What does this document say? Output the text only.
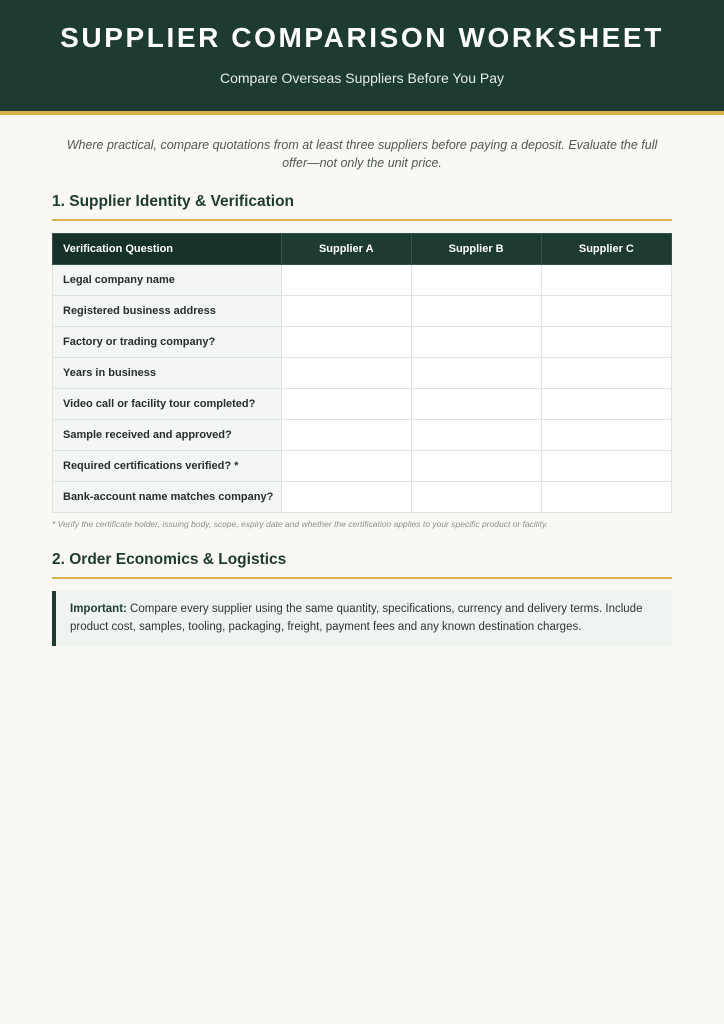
SUPPLIER COMPARISON WORKSHEET
Compare Overseas Suppliers Before You Pay

Where practical, compare quotations from at least three suppliers before paying a deposit. Evaluate the full offer—not only the unit price.

1. Supplier Identity & Verification
Verification Question	Supplier A	Supplier B	Supplier C
Legal company name			
Registered business address			
Factory or trading company?			
Years in business			
Video call or facility tour completed?			
Sample received and approved?			
Required certifications verified? *			
Bank-account name matches company?			

* Verify the certificate holder, issuing body, scope, expiry date and whether the certification applies to your specific product or facility.

2. Order Economics & Logistics
Important: Compare every supplier using the same quantity, specifications, currency and delivery terms. Include product cost, samples, tooling, packaging, freight, payment fees and any known destination charges.
